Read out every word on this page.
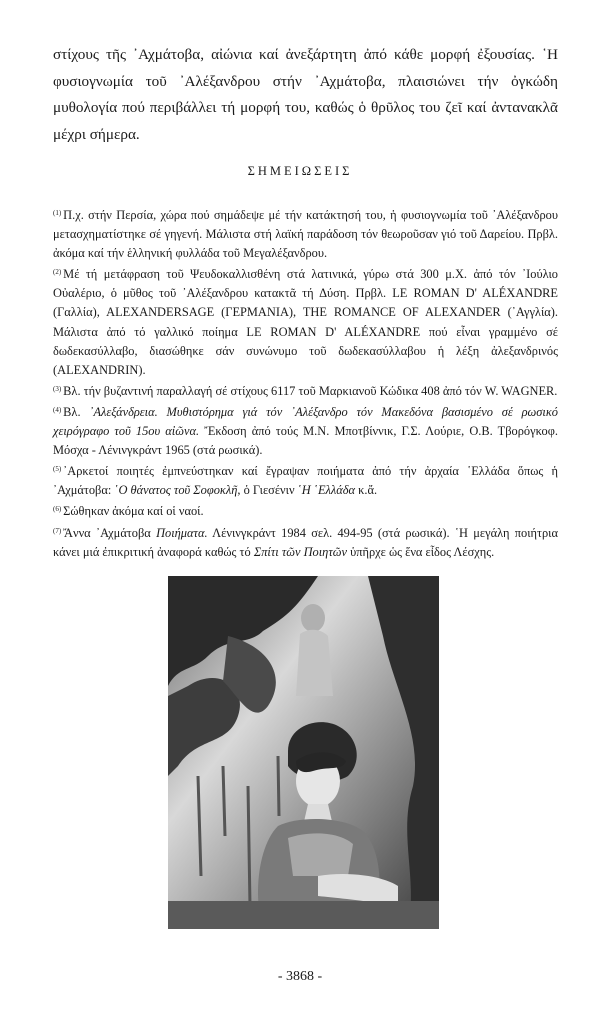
στίχους τῆς ᾿Αχμάτοβα, αἰώνια καί ἀνεξάρτητη ἀπό κάθε μορφή ἐξουσίας. ῾Η φυσιογνωμία τοῦ ᾿Αλέξανδρου στήν ᾿Αχμάτοβα, πλαισιώνει τήν ὀγκώδη μυθολογία πού περιβάλλει τή μορφή του, καθώς ὁ θρῦλος του ζεῖ καί ἀντανακλᾶ μέχρι σήμερα.

ΣΗΜΕΙΩΣΕΙΣ

$^{(1)}$ Π.χ. στήν Περσία, χώρα πού σημάδεψε μέ τήν κατάκτησή του, ἡ φυσιογνωμία τοῦ ᾿Αλέξανδρου μετασχηματίστηκε σέ γηγενή. Μάλιστα στή λαϊκή παράδοση τόν θεωροῦσαν γιό τοῦ Δαρείου. Πρβλ. ἀκόμα καί τήν ἑλληνική φυλλάδα τοῦ Μεγαλέξανδρου.

$^{(2)}$ Μέ τή μετάφραση τοῦ Ψευδοκαλλισθένη στά λατινικά, γύρω στά 300 μ.Χ. ἀπό τόν ᾿Ιούλιο Οὐαλέριο, ὁ μῦθος τοῦ ᾿Αλέξανδρου κατακτᾶ τή Δύση. Πρβλ. LE ROMAN D' ALÉXANDRE (Γαλλία), ALEXANDERSAGE (ΓΕΡΜΑΝΙΑ), THE ROMANCE OF ALEXANDER (᾿Αγγλία). Μάλιστα ἀπό τό γαλλικό ποίημα LE ROMAN D' ALÉXANDRE πού εἶναι γραμμένο σέ δωδεκασύλλαβο, διασώθηκε σάν συνώνυμο τοῦ δωδεκασύλλαβου ἡ λέξη ἀλεξανδρινός (ALEXANDRIN).

$^{(3)}$ Βλ. τήν βυζαντινή παραλλαγή σέ στίχους 6117 τοῦ Μαρκιανοῦ Κώδικα 408 ἀπό τόν W. WAGNER.

$^{(4)}$ Βλ. ᾿Αλεξάνδρεια. Μυθιστόρημα γιά τόν ᾿Αλέξανδρο τόν Μακεδόνα βασισμένο σέ ρωσικό χειρόγραφο τοῦ 15ου αἰῶνα. Ἔκδοση ἀπό τούς Μ.Ν. Μποτβίννικ, Γ.Σ. Λούριε, Ο.Β. Τβορόγκοφ. Μόσχα - Λένινγκράντ 1965 (στά ρωσικά).

$^{(5)}$ ᾿Αρκετοί ποιητές ἐμπνεύστηκαν καί ἔγραψαν ποιήματα ἀπό τήν ἀρχαία ῾Ελλάδα ὅπως ἡ ᾿Αχμάτοβα: ῾Ο θάνατος τοῦ Σοφοκλῆ, ὁ Γιεσένιν ῾Η ῾Ελλάδα κ.ἄ.

$^{(6)}$ Σώθηκαν ἀκόμα καί οἱ ναοί.

$^{(7)}$ Ἄννα ᾿Αχμάτοβα Ποιήματα. Λένινγκράντ 1984 σελ. 494-95 (στά ρωσικά). ῾Η μεγάλη ποιήτρια κάνει μιά ἐπικριτική ἀναφορά καθώς τό Σπίτι τῶν Ποιητῶν ὑπῆρχε ὡς ἕνα εἶδος Λέσχης.

- 3868 -
